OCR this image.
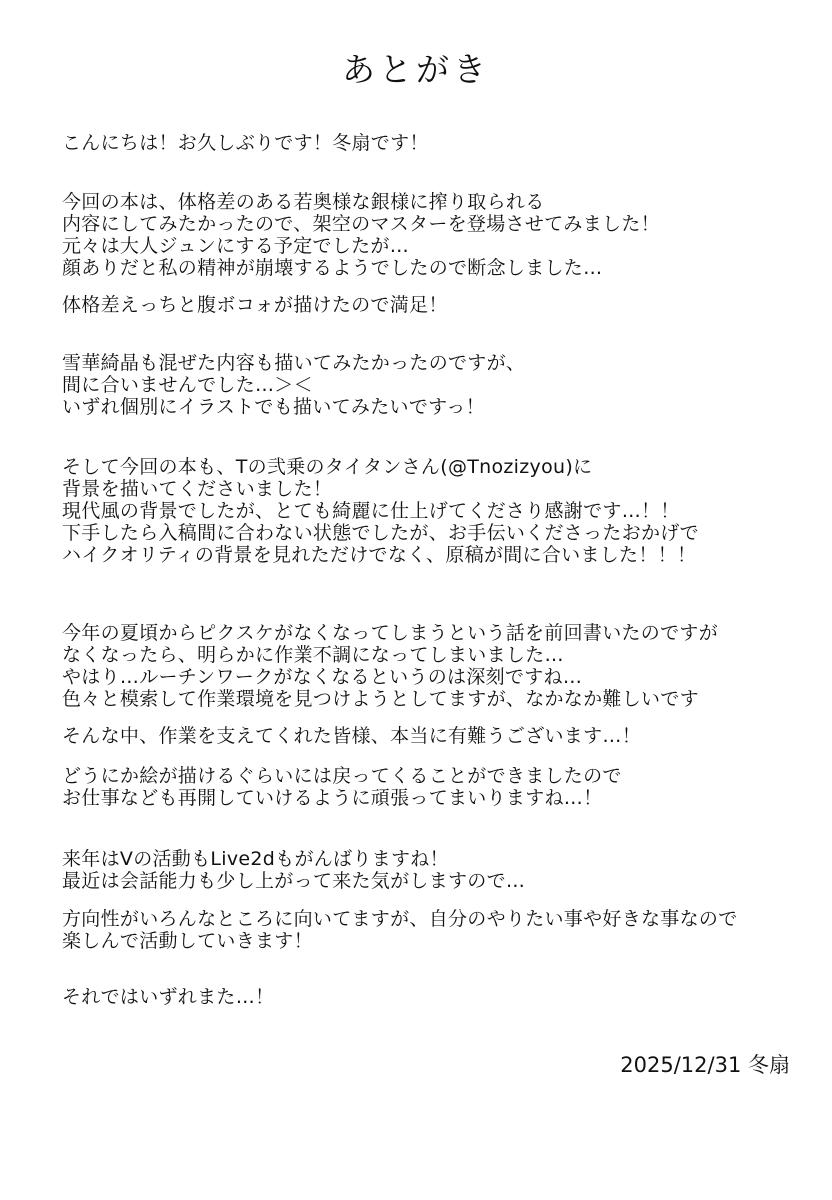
あとがき
こんにちは！お久しぶりです！冬扇です！
今回の本は、体格差のある若奥様な銀様に搾り取られる
内容にしてみたかったので、架空のマスターを登場させてみました！
元々は大人ジュンにする予定でしたが…
顔ありだと私の精神が崩壊するようでしたので断念しました…
体格差えっちと腹ボコォが描けたので満足！
雪華綺晶も混ぜた内容も描いてみたかったのですが、
間に合いませんでした…＞＜
いずれ個別にイラストでも描いてみたいですっ！
そして今回の本も、Tの弐乗のタイタンさん(@Tnozizyou)に
背景を描いてくださいました！
現代風の背景でしたが、とても綺麗に仕上げてくださり感謝です…！！
下手したら入稿間に合わない状態でしたが、お手伝いくださったおかげで
ハイクオリティの背景を見れただけでなく、原稿が間に合いました！！！
今年の夏頃からピクスケがなくなってしまうという話を前回書いたのですが
なくなったら、明らかに作業不調になってしまいました…
やはり…ルーチンワークがなくなるというのは深刻ですね…
色々と模索して作業環境を見つけようとしてますが、なかなか難しいです
そんな中、作業を支えてくれた皆様、本当に有難うございます…！
どうにか絵が描けるぐらいには戻ってくることができましたので
お仕事なども再開していけるように頑張ってまいりますね…！
来年はVの活動もLive2dもがんばりますね！
最近は会話能力も少し上がって来た気がしますので…
方向性がいろんなところに向いてますが、自分のやりたい事や好きな事なので
楽しんで活動していきます！
それではいずれまた…！
2025/12/31 冬扇
